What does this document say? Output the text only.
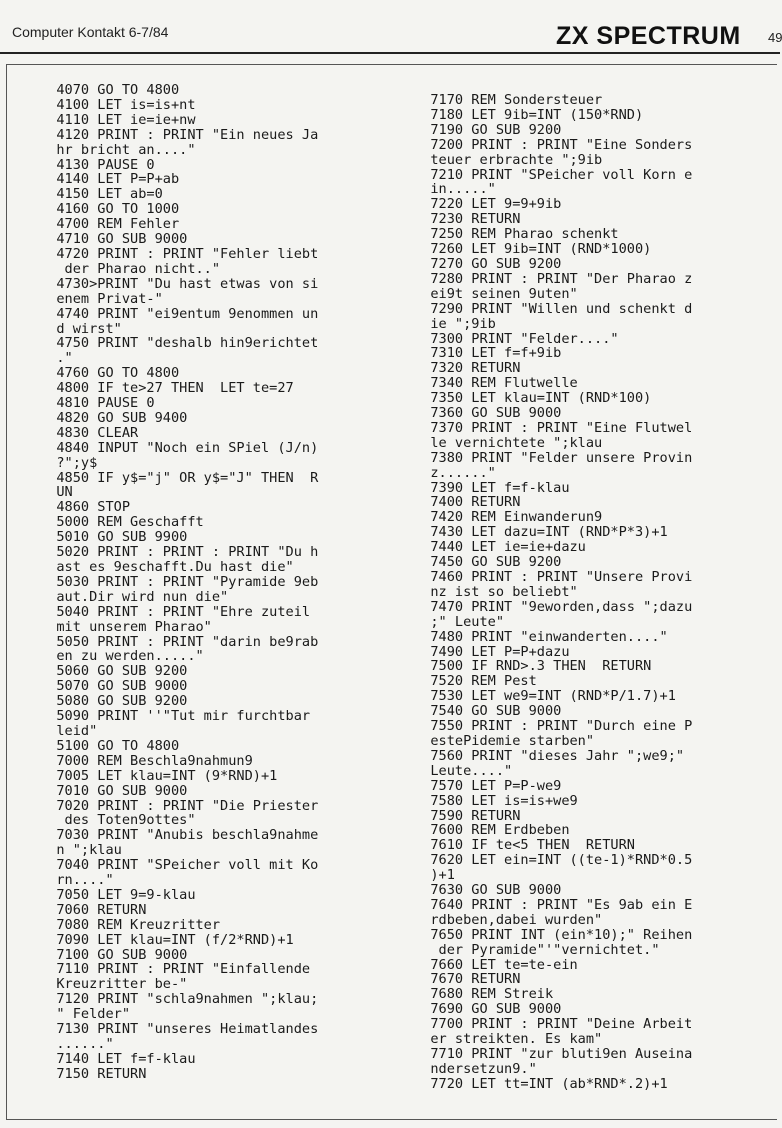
Computer Kontakt 6-7/84	ZX SPECTRUM 49
4070 GO TO 4800
4100 LET is=is+nt
4110 LET ie=ie+nw
4120 PRINT : PRINT "Ein neues Ja
hr bricht an...."
4130 PAUSE 0
4140 LET P=P+ab
4150 LET ab=0
4160 GO TO 1000
4700 REM Fehler
4710 GO SUB 9000
4720 PRINT : PRINT "Fehler liebt
der Pharao nicht.."
4730>PRINT "Du hast etwas von si
enem Privat-"
4740 PRINT "ei9entum 9enommen un
d wirst"
4750 PRINT "deshalb hin9erichtet
."
4760 GO TO 4800
4800 IF te>27 THEN  LET te=27
4810 PAUSE 0
4820 GO SUB 9400
4830 CLEAR
4840 INPUT "Noch ein SPiel (J/n)
?";y$
4850 IF y$="j" OR y$="J" THEN  R
UN
4860 STOP
5000 REM Geschafft
5010 GO SUB 9900
5020 PRINT : PRINT : PRINT "Du h
ast es 9eschafft.Du hast die"
5030 PRINT : PRINT "Pyramide 9eb
aut.Dir wird nun die"
5040 PRINT : PRINT "Ehre zuteil
mit unserem Pharao"
5050 PRINT : PRINT "darin be9rab
en zu werden....."
5060 GO SUB 9200
5070 GO SUB 9000
5080 GO SUB 9200
5090 PRINT ''"Tut mir furchtbar
leid"
5100 GO TO 4800
7000 REM Beschla9nahmun9
7005 LET klau=INT (9*RND)+1
7010 GO SUB 9000
7020 PRINT : PRINT "Die Priester
des Toten9ottes"
7030 PRINT "Anubis beschla9nahme
n ";klau
7040 PRINT "SPeicher voll mit Ko
rn...."
7050 LET 9=9-klau
7060 RETURN
7080 REM Kreuzritter
7090 LET klau=INT (f/2*RND)+1
7100 GO SUB 9000
7110 PRINT : PRINT "Einfallende
Kreuzritter be-"
7120 PRINT "schla9nahmen ";klau;
" Felder"
7130 PRINT "unseres Heimatlandes
......"
7140 LET f=f-klau
7150 RETURN
7170 REM Sondersteuer
7180 LET 9ib=INT (150*RND)
7190 GO SUB 9200
7200 PRINT : PRINT "Eine Sonders
teuer erbrachte ";9ib
7210 PRINT "SPeicher voll Korn e
in....."
7220 LET 9=9+9ib
7230 RETURN
7250 REM Pharao schenkt
7260 LET 9ib=INT (RND*1000)
7270 GO SUB 9200
7280 PRINT : PRINT "Der Pharao z
ei9t seinen 9uten"
7290 PRINT "Willen und schenkt d
ie ";9ib
7300 PRINT "Felder...."
7310 LET f=f+9ib
7320 RETURN
7340 REM Flutwelle
7350 LET klau=INT (RND*100)
7360 GO SUB 9000
7370 PRINT : PRINT "Eine Flutwel
le vernichtete ";klau
7380 PRINT "Felder unsere Provin
z......"
7390 LET f=f-klau
7400 RETURN
7420 REM Einwanderun9
7430 LET dazu=INT (RND*P*3)+1
7440 LET ie=ie+dazu
7450 GO SUB 9200
7460 PRINT : PRINT "Unsere Provi
nz ist so beliebt"
7470 PRINT "9eworden,dass ";dazu
;" Leute"
7480 PRINT "einwanderten...."
7490 LET P=P+dazu
7500 IF RND>.3 THEN  RETURN
7520 REM Pest
7530 LET we9=INT (RND*P/1.7)+1
7540 GO SUB 9000
7550 PRINT : PRINT "Durch eine P
estePidemie starben"
7560 PRINT "dieses Jahr ";we9;"
Leute...."
7570 LET P=P-we9
7580 LET is=is+we9
7590 RETURN
7600 REM Erdbeben
7610 IF te<5 THEN  RETURN
7620 LET ein=INT ((te-1)*RND*0.5
)+1
7630 GO SUB 9000
7640 PRINT : PRINT "Es 9ab ein E
rdbeben,dabei wurden"
7650 PRINT INT (ein*10);" Reihen
der Pyramide"'"vernichtet."
7660 LET te=te-ein
7670 RETURN
7680 REM Streik
7690 GO SUB 9000
7700 PRINT : PRINT "Deine Arbeit
er streikten. Es kam"
7710 PRINT "zur bluti9en Auseina
ndersetzun9."
7720 LET tt=INT (ab*RND*.2)+1
